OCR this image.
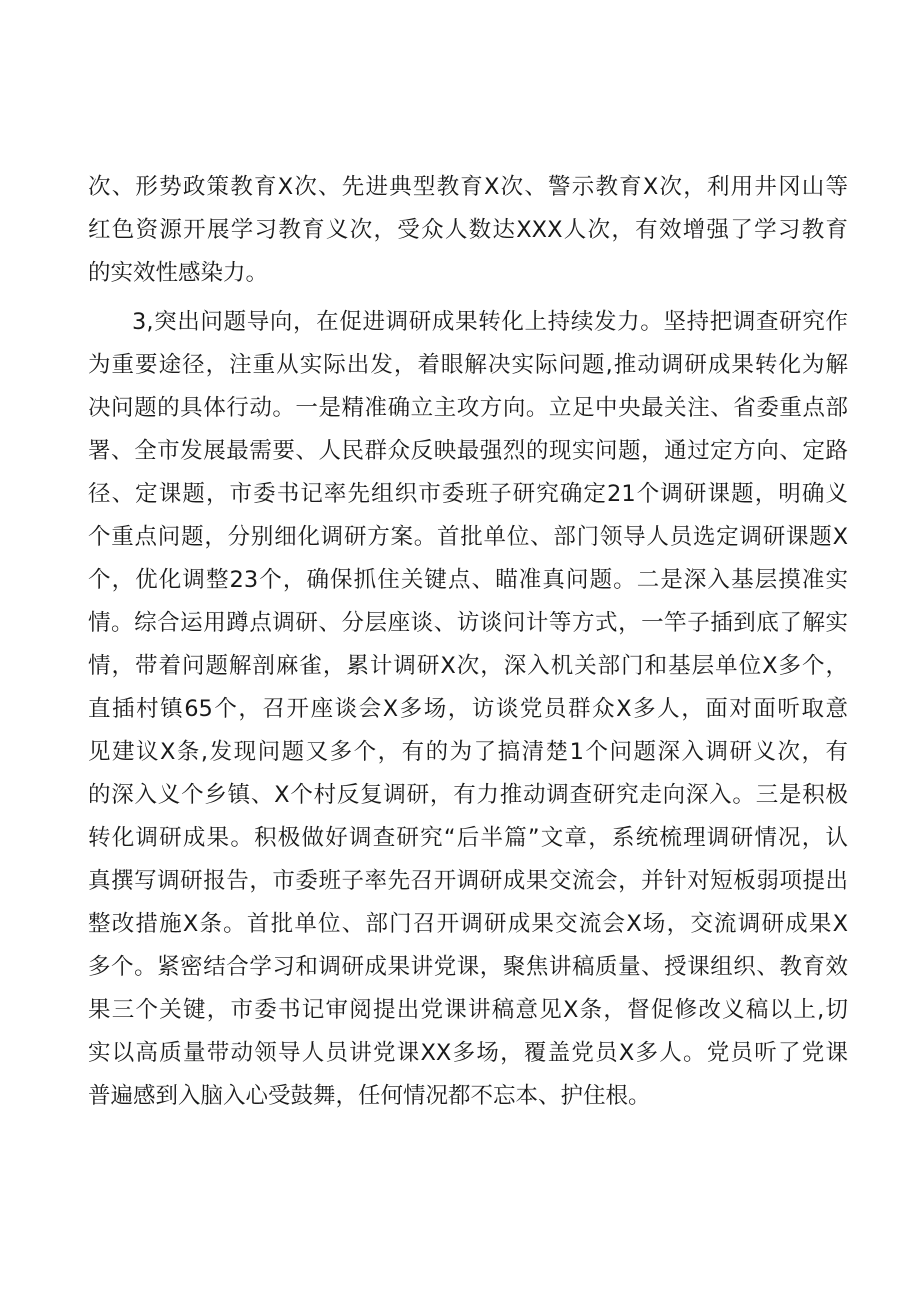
次、形势政策教育X次、先进典型教育X次、警示教育X次，利用井冈山等
红色资源开展学习教育义次，受众人数达XXX人次，有效增强了学习教育
的实效性感染力。
3,突出问题导向，在促进调研成果转化上持续发力。坚持把调查研究作
为重要途径，注重从实际出发，着眼解决实际问题,推动调研成果转化为解
决问题的具体行动。一是精准确立主攻方向。立足中央最关注、省委重点部
署、全市发展最需要、人民群众反映最强烈的现实问题，通过定方向、定路
径、定课题，市委书记率先组织市委班子研究确定21个调研课题，明确义
个重点问题，分别细化调研方案。首批单位、部门领导人员选定调研课题X
个，优化调整23个，确保抓住关键点、瞄准真问题。二是深入基层摸准实
情。综合运用蹲点调研、分层座谈、访谈问计等方式，一竿子插到底了解实
情，带着问题解剖麻雀，累计调研X次，深入机关部门和基层单位X多个，
直插村镇65个，召开座谈会X多场，访谈党员群众X多人，面对面听取意
见建议X条,发现问题又多个，有的为了搞清楚1个问题深入调研义次，有
的深入义个乡镇、X个村反复调研，有力推动调查研究走向深入。三是积极
转化调研成果。积极做好调查研究“后半篇”文章，系统梳理调研情况，认
真撰写调研报告，市委班子率先召开调研成果交流会，并针对短板弱项提出
整改措施X条。首批单位、部门召开调研成果交流会X场，交流调研成果X
多个。紧密结合学习和调研成果讲党课，聚焦讲稿质量、授课组织、教育效
果三个关键，市委书记审阅提出党课讲稿意见X条，督促修改义稿以上,切
实以高质量带动领导人员讲党课XX多场，覆盖党员X多人。党员听了党课
普遍感到入脑入心受鼓舞，任何情况都不忘本、护住根。
